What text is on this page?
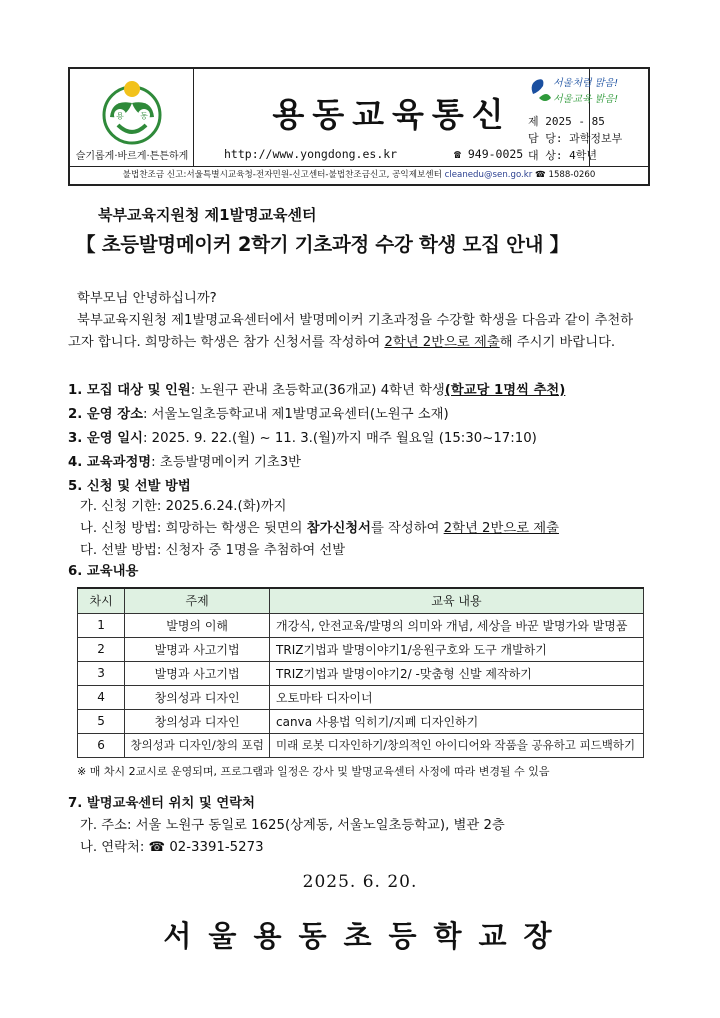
용 동
슬기롭게·바르게·튼튼하게
용동교육통신
http://www.yongdong.es.kr	☎ 949-0025
불법찬조금 신고:서울특별시교육청-전자민원-신고센터-불법찬조금신고, 공익제보센터 cleanedu@sen.go.kr ☎ 1588-0260
서울처럼 맑음!
서울교육 밝음!
제 2025 - 85
담 당: 과학정보부
대 상: 4학년
북부교육지원청 제1발명교육센터
【 초등발명메이커 2학기 기초과정 수강 학생 모집 안내 】
학부모님 안녕하십니까?
북부교육지원청 제1발명교육센터에서 발명메이커 기초과정을 수강할 학생을 다음과 같이 추천하
고자 합니다. 희망하는 학생은 참가 신청서를 작성하여 2학년 2반으로 제출해 주시기 바랍니다.
1. 모집 대상 및 인원: 노원구 관내 초등학교(36개교) 4학년 학생(학교당 1명씩 추천)
2. 운영 장소: 서울노일초등학교내 제1발명교육센터(노원구 소재)
3. 운영 일시: 2025. 9. 22.(월) ~ 11. 3.(월)까지 매주 월요일 (15:30~17:10)
4. 교육과정명: 초등발명메이커 기초3반
5. 신청 및 선발 방법
가. 신청 기한: 2025.6.24.(화)까지
나. 신청 방법: 희망하는 학생은 뒷면의 참가신청서를 작성하여 2학년 2반으로 제출
다. 선발 방법: 신청자 중 1명을 추첨하여 선발
6. 교육내용
차시	주제	교육 내용
1	발명의 이해	개강식, 안전교육/발명의 의미와 개념, 세상을 바꾼 발명가와 발명품
2	발명과 사고기법	TRIZ기법과 발명이야기1/응원구호와 도구 개발하기
3	발명과 사고기법	TRIZ기법과 발명이야기2/ -맞춤형 신발 제작하기
4	창의성과 디자인	오토마타 디자이너
5	창의성과 디자인	canva 사용법 익히기/지폐 디자인하기
6	창의성과 디자인/창의 포럼	미래 로봇 디자인하기/창의적인 아이디어와 작품을 공유하고 피드백하기
※ 매 차시 2교시로 운영되며, 프로그램과 일정은 강사 및 발명교육센터 사정에 따라 변경될 수 있음
7. 발명교육센터 위치 및 연락처
가. 주소: 서울 노원구 동일로 1625(상계동, 서울노일초등학교), 별관 2층
나. 연락처: ☎ 02-3391-5273
2025. 6. 20.
서울용동초등학교장
